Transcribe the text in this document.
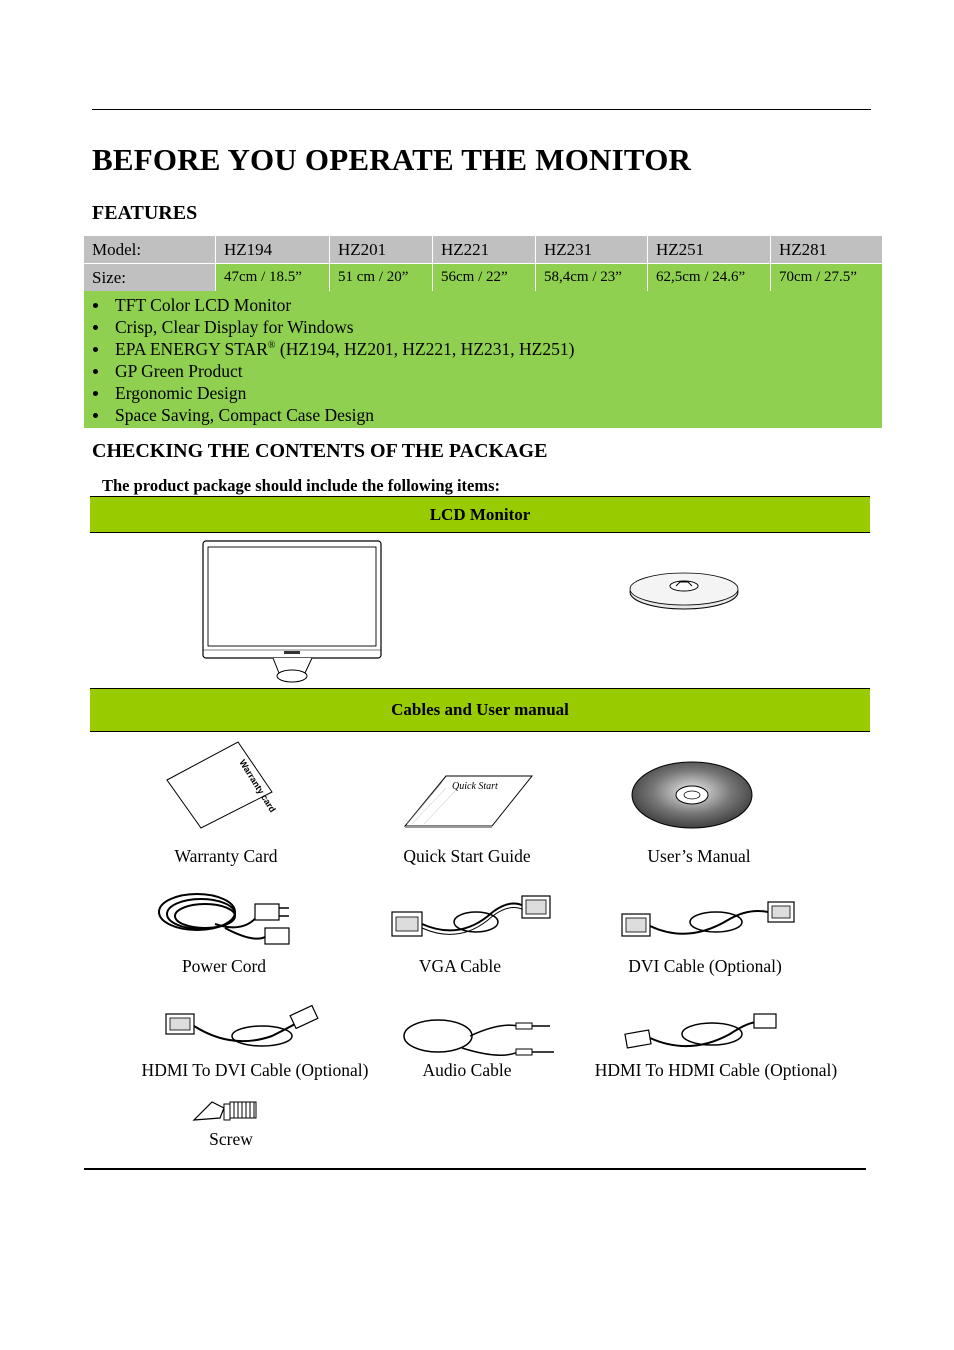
BEFORE YOU OPERATE THE MONITOR
FEATURES
Model:	HZ194	HZ201	HZ221	HZ231	HZ251	HZ281
Size:	47cm / 18.5”	51 cm / 20”	56cm / 22”	58,4cm / 23”	62,5cm / 24.6”	70cm / 27.5”
TFT Color LCD Monitor
Crisp, Clear Display for Windows
EPA ENERGY STAR® (HZ194, HZ201, HZ221, HZ231, HZ251)
GP Green Product
Ergonomic Design
Space Saving, Compact Case Design
CHECKING THE CONTENTS OF THE PACKAGE
The product package should include the following items:
LCD Monitor
Cables and User manual
Warranty card
Warranty Card
Quick Start
Quick Start Guide	User’s Manual
Power Cord	VGA Cable	DVI Cable (Optional)
HDMI To DVI Cable (Optional)	Audio Cable	HDMI To HDMI Cable (Optional)
Screw
